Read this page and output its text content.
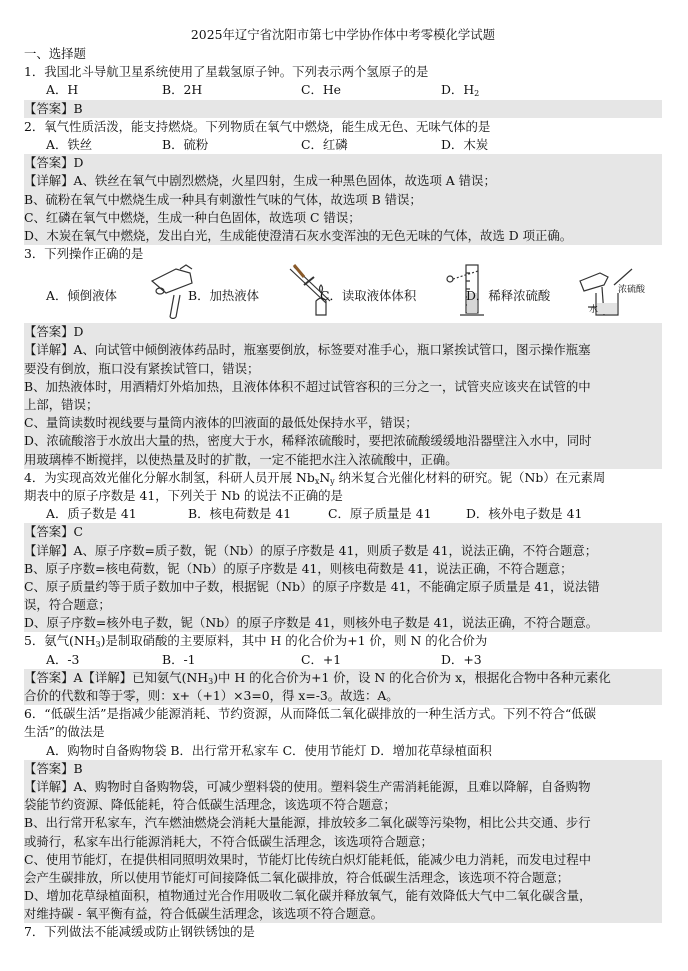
2025年辽宁省沈阳市第七中学协作体中考零模化学试题
一、选择题
1．我国北斗导航卫星系统使用了星载氢原子钟。下列表示两个氢原子的是
A．H	B．2H	C．He	D．$H_2$
【答案】B
2．氧气性质活泼，能支持燃烧。下列物质在氧气中燃烧，能生成无色、无味气体的是
A．铁丝	B．硫粉	C．红磷	D．木炭
【答案】D
【详解】A、铁丝在氧气中剧烈燃烧，火星四射，生成一种黑色固体，故选项 A 错误；
B、硫粉在氧气中燃烧生成一种具有刺激性气味的气体，故选项 B 错误；
C、红磷在氧气中燃烧，生成一种白色固体，故选项 C 错误；
D、木炭在氧气中燃烧，发出白光，生成能使澄清石灰水变浑浊的无色无味的气体，故选 D 项正确。
3．下列操作正确的是
A．倾倒液体	B．加热液体	C．读取液体体积	D．稀释浓硫酸
水
浓硫酸
【答案】D
【详解】A、向试管中倾倒液体药品时，瓶塞要倒放，标签要对准手心，瓶口紧挨试管口，图示操作瓶塞
要没有倒放，瓶口没有紧挨试管口，错误；
B、加热液体时，用酒精灯外焰加热，且液体体积不超过试管容积的三分之一，试管夹应该夹在试管的中
上部，错误；
C、量筒读数时视线要与量筒内液体的凹液面的最低处保持水平，错误；
D、浓硫酸溶于水放出大量的热，密度大于水，稀释浓硫酸时，要把浓硫酸缓缓地沿器壁注入水中，同时
用玻璃棒不断搅拌，以使热量及时的扩散，一定不能把水注入浓硫酸中，正确。
4．为实现高效光催化分解水制氢，科研人员开展 $Nb_xN_y$ 纳米复合光催化材料的研究。铌（Nb）在元素周
期表中的原子序数是 41，下列关于 Nb 的说法不正确的是
A．质子数是 41	B．核电荷数是 41	C．原子质量是 41	D．核外电子数是 41
【答案】C
【详解】A、原子序数=质子数，铌（Nb）的原子序数是 41，则质子数是 41，说法正确，不符合题意；
B、原子序数=核电荷数，铌（Nb）的原子序数是 41，则核电荷数是 41，说法正确，不符合题意；
C、原子质量约等于质子数加中子数，根据铌（Nb）的原子序数是 41，不能确定原子质量是 41，说法错
误，符合题意；
D、原子序数=核外电子数，铌（Nb）的原子序数是 41，则核外电子数是 41，说法正确，不符合题意。
5．氨气$(NH_3)$是制取硝酸的主要原料，其中 H 的化合价为+1 价，则 N 的化合价为
A．-3	B．-1	C．+1	D．+3
【答案】A【详解】已知氨气$(NH_3)$中 H 的化合价为+1 价，设 N 的化合价为 x，根据化合物中各种元素化
合价的代数和等于零，则：x+（+1）×3=0，得 x=-3。故选：A。
6．“低碳生活”是指减少能源消耗、节约资源，从而降低二氧化碳排放的一种生活方式。下列不符合“低碳
生活”的做法是
A．购物时自备购物袋 B．出行常开私家车 C．使用节能灯 D．增加花草绿植面积
【答案】B
【详解】A、购物时自备购物袋，可减少塑料袋的使用。塑料袋生产需消耗能源，且难以降解，自备购物
袋能节约资源、降低能耗，符合低碳生活理念，该选项不符合题意；
B、出行常开私家车，汽车燃油燃烧会消耗大量能源，排放较多二氧化碳等污染物，相比公共交通、步行
或骑行，私家车出行能源消耗大，不符合低碳生活理念，该选项符合题意；
C、使用节能灯，在提供相同照明效果时，节能灯比传统白炽灯能耗低，能减少电力消耗，而发电过程中
会产生碳排放，所以使用节能灯可间接降低二氧化碳排放，符合低碳生活理念，该选项不符合题意；
D、增加花草绿植面积，植物通过光合作用吸收二氧化碳并释放氧气，能有效降低大气中二氧化碳含量，
对维持碳 - 氧平衡有益，符合低碳生活理念，该选项不符合题意。
7．下列做法不能减缓或防止钢铁锈蚀的是
